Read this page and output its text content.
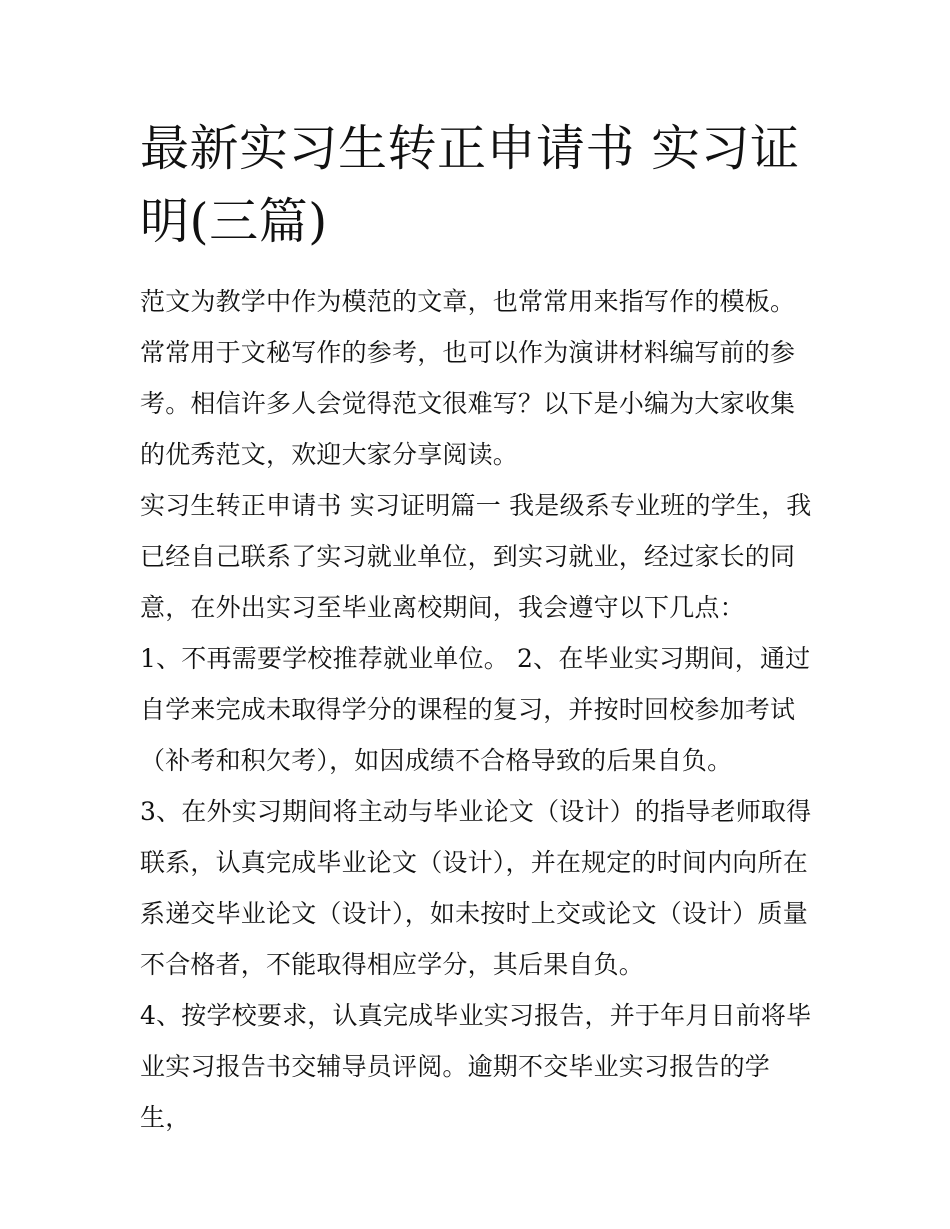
最新实习生转正申请书 实习证明(三篇)

范文为教学中作为模范的文章，也常常用来指写作的模板。常常用于文秘写作的参考，也可以作为演讲材料编写前的参考。相信许多人会觉得范文很难写？以下是小编为大家收集的优秀范文，欢迎大家分享阅读。

实习生转正申请书 实习证明篇一 我是级系专业班的学生，我已经自己联系了实习就业单位，到实习就业，经过家长的同意，在外出实习至毕业离校期间，我会遵守以下几点：

1、不再需要学校推荐就业单位。 2、在毕业实习期间，通过自学来完成未取得学分的课程的复习，并按时回校参加考试（补考和积欠考），如因成绩不合格导致的后果自负。

3、在外实习期间将主动与毕业论文（设计）的指导老师取得联系，认真完成毕业论文（设计），并在规定的时间内向所在系递交毕业论文（设计），如未按时上交或论文（设计）质量不合格者，不能取得相应学分，其后果自负。

4、按学校要求，认真完成毕业实习报告，并于年月日前将毕业实习报告书交辅导员评阅。逾期不交毕业实习报告的学生，
